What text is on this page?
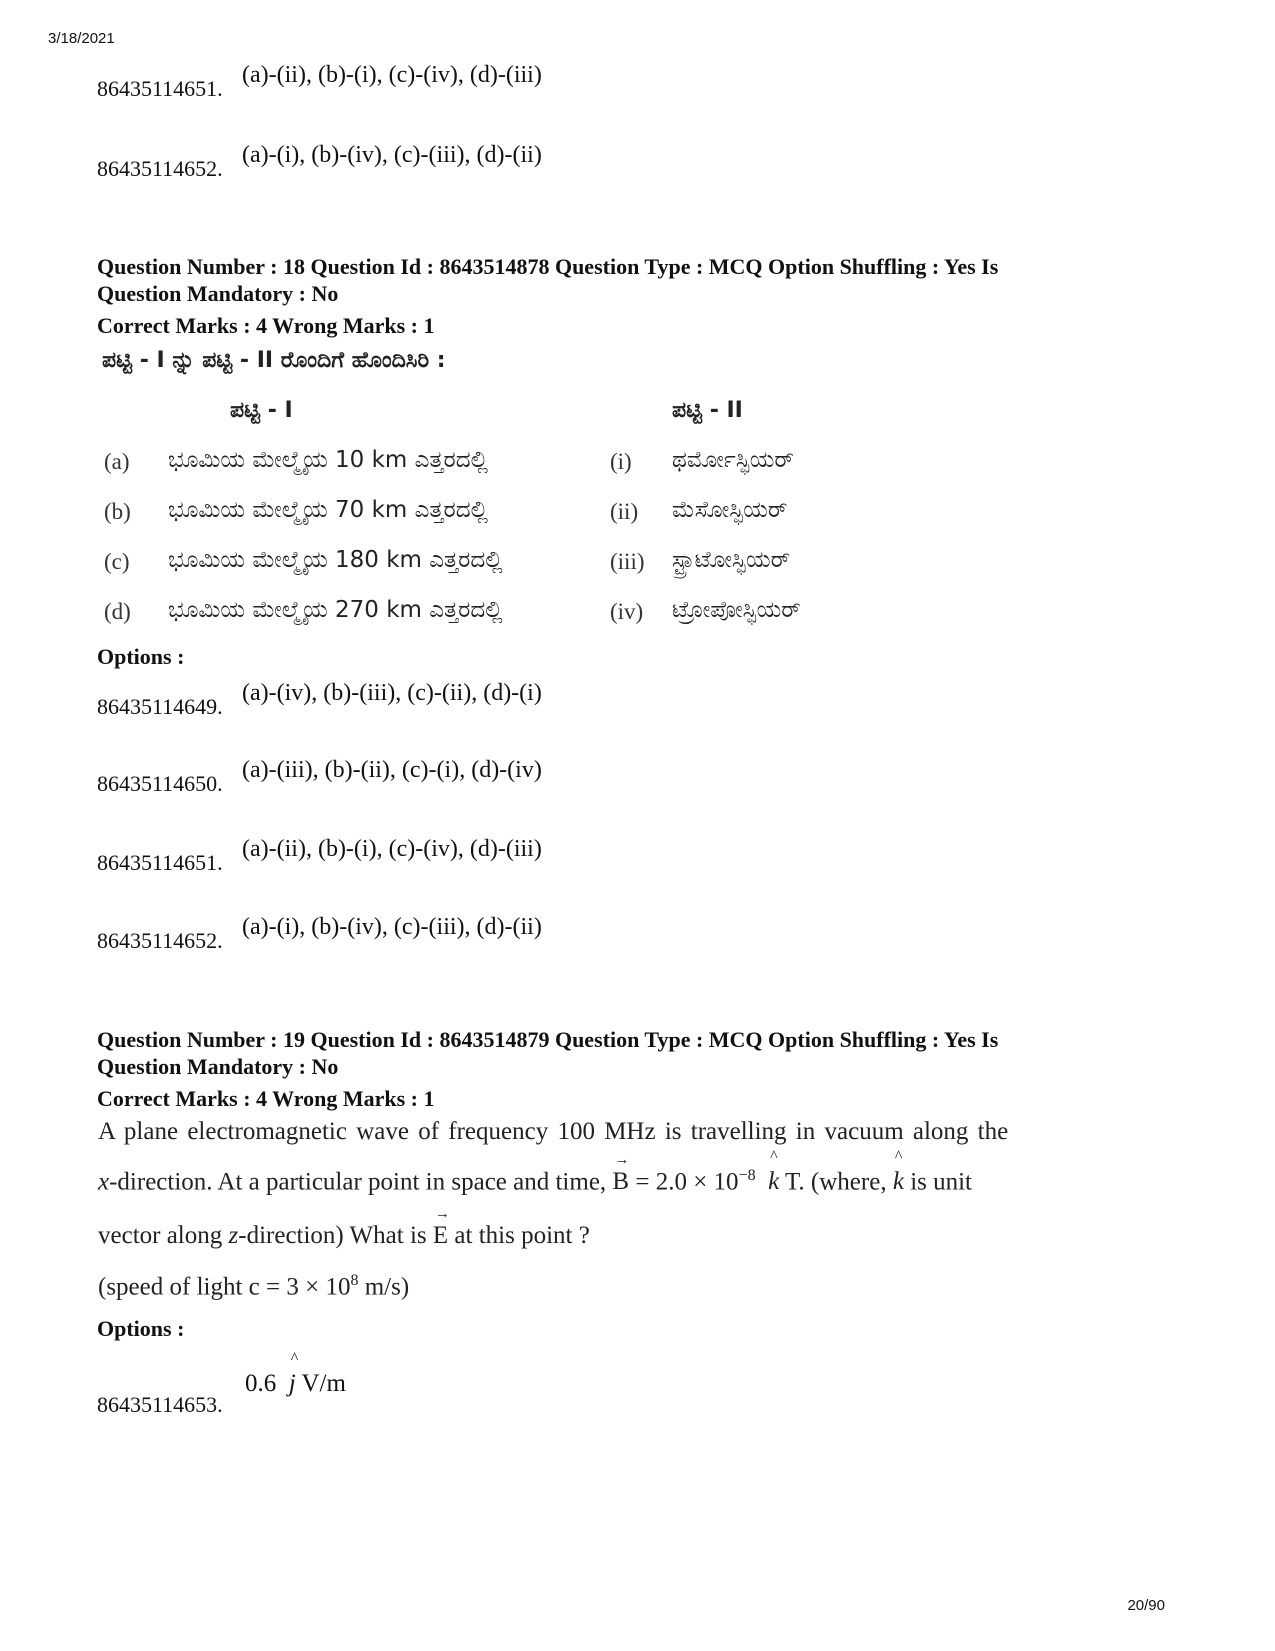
3/18/2021
86435114651.
(a)-(ii), (b)-(i), (c)-(iv), (d)-(iii)
86435114652.
(a)-(i), (b)-(iv), (c)-(iii), (d)-(ii)
Question Number : 18 Question Id : 8643514878 Question Type : MCQ Option Shuffling : Yes Is
Question Mandatory : No
Correct Marks : 4 Wrong Marks : 1
ಪಟ್ಟಿ - I ನ್ನು ಪಟ್ಟಿ - II ರೊಂದಿಗೆ ಹೊಂದಿಸಿರಿ :
ಪಟ್ಟಿ - I	ಪಟ್ಟಿ - II
(a) ಭೂಮಿಯ ಮೇಲ್ಮೈಯ 10 km ಎತ್ತರದಲ್ಲಿ	(i) ಥರ್ಮೋಸ್ಫಿಯರ್
(b) ಭೂಮಿಯ ಮೇಲ್ಮೈಯ 70 km ಎತ್ತರದಲ್ಲಿ	(ii) ಮೆಸೋಸ್ಫಿಯರ್
(c) ಭೂಮಿಯ ಮೇಲ್ಮೈಯ 180 km ಎತ್ತರದಲ್ಲಿ	(iii) ಸ್ಟ್ರಾಟೋಸ್ಫಿಯರ್
(d) ಭೂಮಿಯ ಮೇಲ್ಮೈಯ 270 km ಎತ್ತರದಲ್ಲಿ	(iv) ಟ್ರೋಪೋಸ್ಫಿಯರ್
Options :
86435114649.
(a)-(iv), (b)-(iii), (c)-(ii), (d)-(i)
86435114650.
(a)-(iii), (b)-(ii), (c)-(i), (d)-(iv)
86435114651.
(a)-(ii), (b)-(i), (c)-(iv), (d)-(iii)
86435114652.
(a)-(i), (b)-(iv), (c)-(iii), (d)-(ii)
Question Number : 19 Question Id : 8643514879 Question Type : MCQ Option Shuffling : Yes Is
Question Mandatory : No
Correct Marks : 4 Wrong Marks : 1
A plane electromagnetic wave of frequency 100 MHz is travelling in vacuum along the
x-direction. At a particular point in space and time,
→
$B = 2.0 \times 10^{-8}$
^
k T. (where,
^
k is unit
vector along z-direction) What is
→
E at this point ?
(speed of light $c = 3 \times 10^8$ m/s)
Options :
86435114653.
0.6
^
j V/m
20/90
